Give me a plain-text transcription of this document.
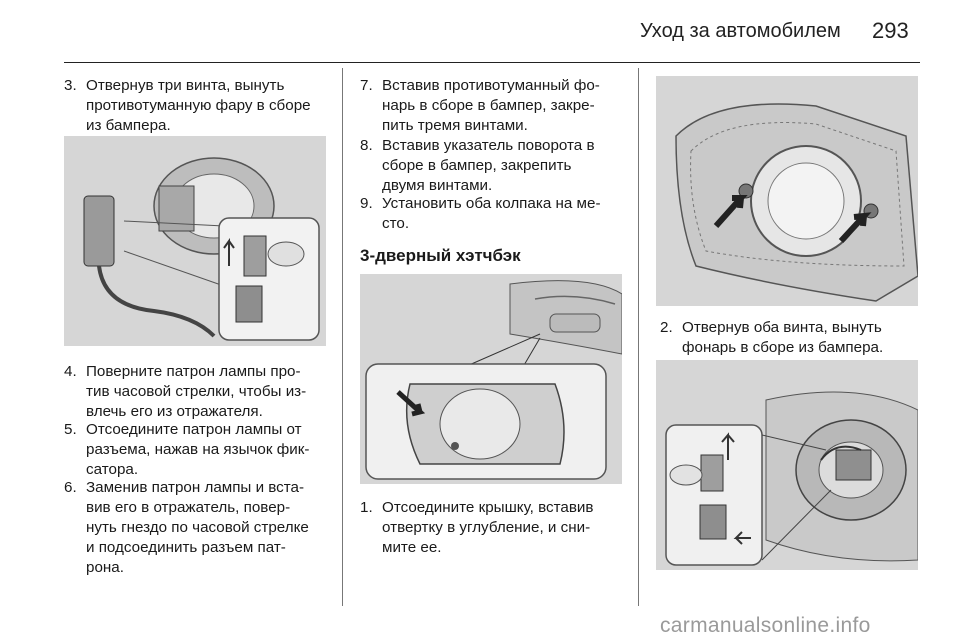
Уход за автомобилем	293
3. Отвернув три винта, вынуть
противотуманную фару в сборе
из бампера.
4. Поверните патрон лампы про-
тив часовой стрелки, чтобы из-
влечь его из отражателя.
5. Отсоедините патрон лампы от
разъема, нажав на язычок фик-
сатора.
6. Заменив патрон лампы и вста-
вив его в отражатель, повер-
нуть гнездо по часовой стрелке
и подсоединить разъем пат-
рона.
7. Вставив противотуманный фо-
нарь в сборе в бампер, закре-
пить тремя винтами.
8. Вставив указатель поворота в
сборе в бампер, закрепить
двумя винтами.
9. Установить оба колпака на ме-
сто.
3-дверный хэтчбэк
1. Отсоедините крышку, вставив
отвертку в углубление, и сни-
мите ее.
2. Отвернув оба винта, вынуть
фонарь в сборе из бампера.
carmanualsonline.info
